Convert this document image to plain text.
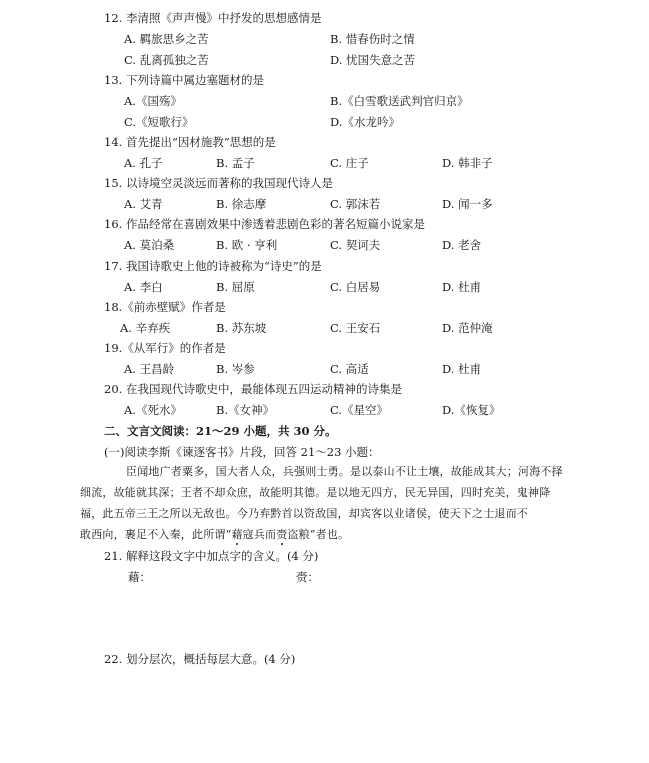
12. 李清照《声声慢》中抒发的思想感情是
A. 羁旅思乡之苦	B. 惜春伤时之情
C. 乱离孤独之苦	D. 忧国失意之苦
13. 下列诗篇中属边塞题材的是
A.《国殇》	B.《白雪歌送武判官归京》
C.《短歌行》	D.《水龙吟》
14. 首先提出“因材施教”思想的是
A. 孔子	B. 孟子	C. 庄子	D. 韩非子
15. 以诗境空灵淡远而著称的我国现代诗人是
A. 艾青	B. 徐志摩	C. 郭沫若	D. 闻一多
16. 作品经常在喜剧效果中渗透着悲剧色彩的著名短篇小说家是
A. 莫泊桑	B. 欧 · 亨利	C. 契诃夫	D. 老舍
17. 我国诗歌史上他的诗被称为“诗史”的是
A. 李白	B. 屈原	C. 白居易	D. 杜甫
18.《前赤壁赋》作者是
A. 辛弃疾	B. 苏东坡	C. 王安石	D. 范仲淹
19.《从军行》的作者是
A. 王昌龄	B. 岑参	C. 高适	D. 杜甫
20. 在我国现代诗歌史中，最能体现五四运动精神的诗集是
A.《死水》	B.《女神》	C.《星空》	D.《恢复》
二、文言文阅读：21～29 小题，共 30 分。
(一)阅读李斯《谏逐客书》片段，回答 21～23 小题：
臣闻地广者粟多，国大者人众，兵强则士勇。是以泰山不让土壤，故能成其大；河海不择
细流，故能就其深；王者不却众庶，故能明其德。是以地无四方，民无异国，四时充美，鬼神降
福，此五帝三王之所以无敌也。今乃弃黔首以资敌国，却宾客以业诸侯，使天下之士退而不
敢西向，裹足不入秦，此所谓“藉寇兵而赍盗粮”者也。
21. 解释这段文字中加点字的含义。(4 分)
藉：	赍：
22. 划分层次，概括每层大意。(4 分)
